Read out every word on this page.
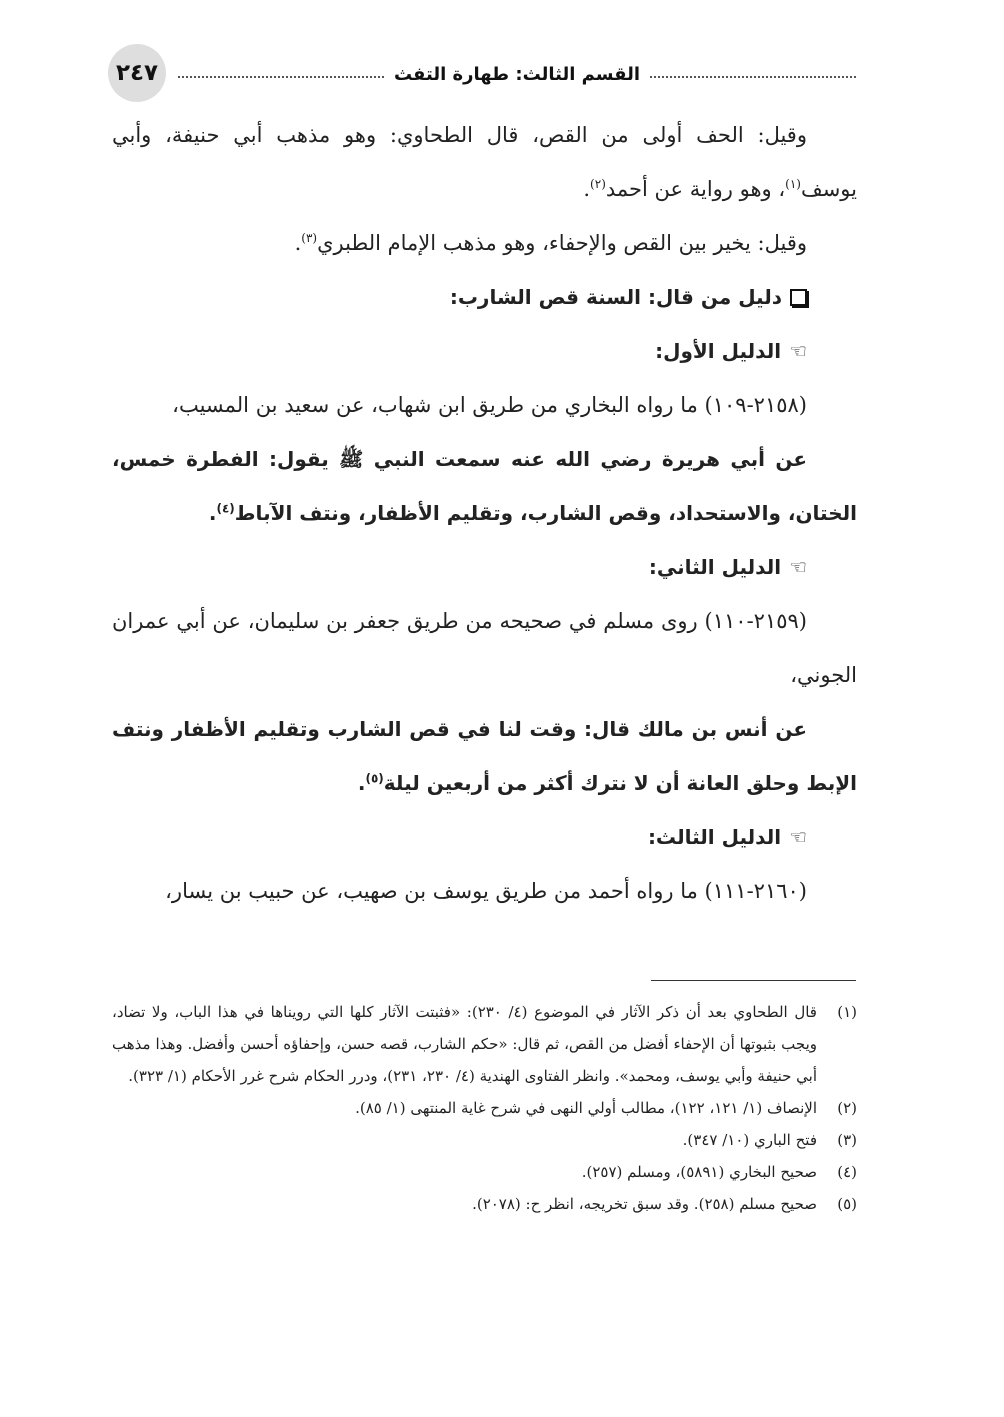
٢٤٧	القسم الثالث: طهارة التفث

وقيل: الحف أولى من القص، قال الطحاوي: وهو مذهب أبي حنيفة، وأبي يوسف$^{(١)}$، وهو رواية عن أحمد$^{(٢)}$.

وقيل: يخير بين القص والإحفاء، وهو مذهب الإمام الطبري$^{(٣)}$.

دليل من قال: السنة قص الشارب:
☜
الدليل الأول:

(٢١٥٨-١٠٩) ما رواه البخاري من طريق ابن شهاب، عن سعيد بن المسيب،

عن أبي هريرة رضي الله عنه سمعت النبي ﷺ يقول: الفطرة خمس، الختان، والاستحداد، وقص الشارب، وتقليم الأظفار، ونتف الآباط$^{(٤)}$.

☜
الدليل الثاني:

(٢١٥٩-١١٠) روى مسلم في صحيحه من طريق جعفر بن سليمان، عن أبي عمران الجوني،

عن أنس بن مالك قال: وقت لنا في قص الشارب وتقليم الأظفار ونتف الإبط وحلق العانة أن لا نترك أكثر من أربعين ليلة$^{(٥)}$.

☜
الدليل الثالث:

(٢١٦٠-١١١) ما رواه أحمد من طريق يوسف بن صهيب، عن حبيب بن يسار،

(١)
قال الطحاوي بعد أن ذكر الآثار في الموضوع (٤/ ٢٣٠): «فثبتت الآثار كلها التي رويناها في هذا الباب، ولا تضاد، ويجب بثبوتها أن الإحفاء أفضل من القص، ثم قال: «حكم الشارب، قصه حسن، وإحفاؤه أحسن وأفضل. وهذا مذهب أبي حنيفة وأبي يوسف، ومحمد». وانظر الفتاوى الهندية (٤/ ٢٣٠، ٢٣١)، ودرر الحكام شرح غرر الأحكام (١/ ٣٢٣).
(٢)
الإنصاف (١/ ١٢١، ١٢٢)، مطالب أولي النهى في شرح غاية المنتهى (١/ ٨٥).
(٣)
فتح الباري (١٠/ ٣٤٧).
(٤)
صحيح البخاري (٥٨٩١)، ومسلم (٢٥٧).
(٥)
صحيح مسلم (٢٥٨). وقد سبق تخريجه، انظر ح: (٢٠٧٨).
